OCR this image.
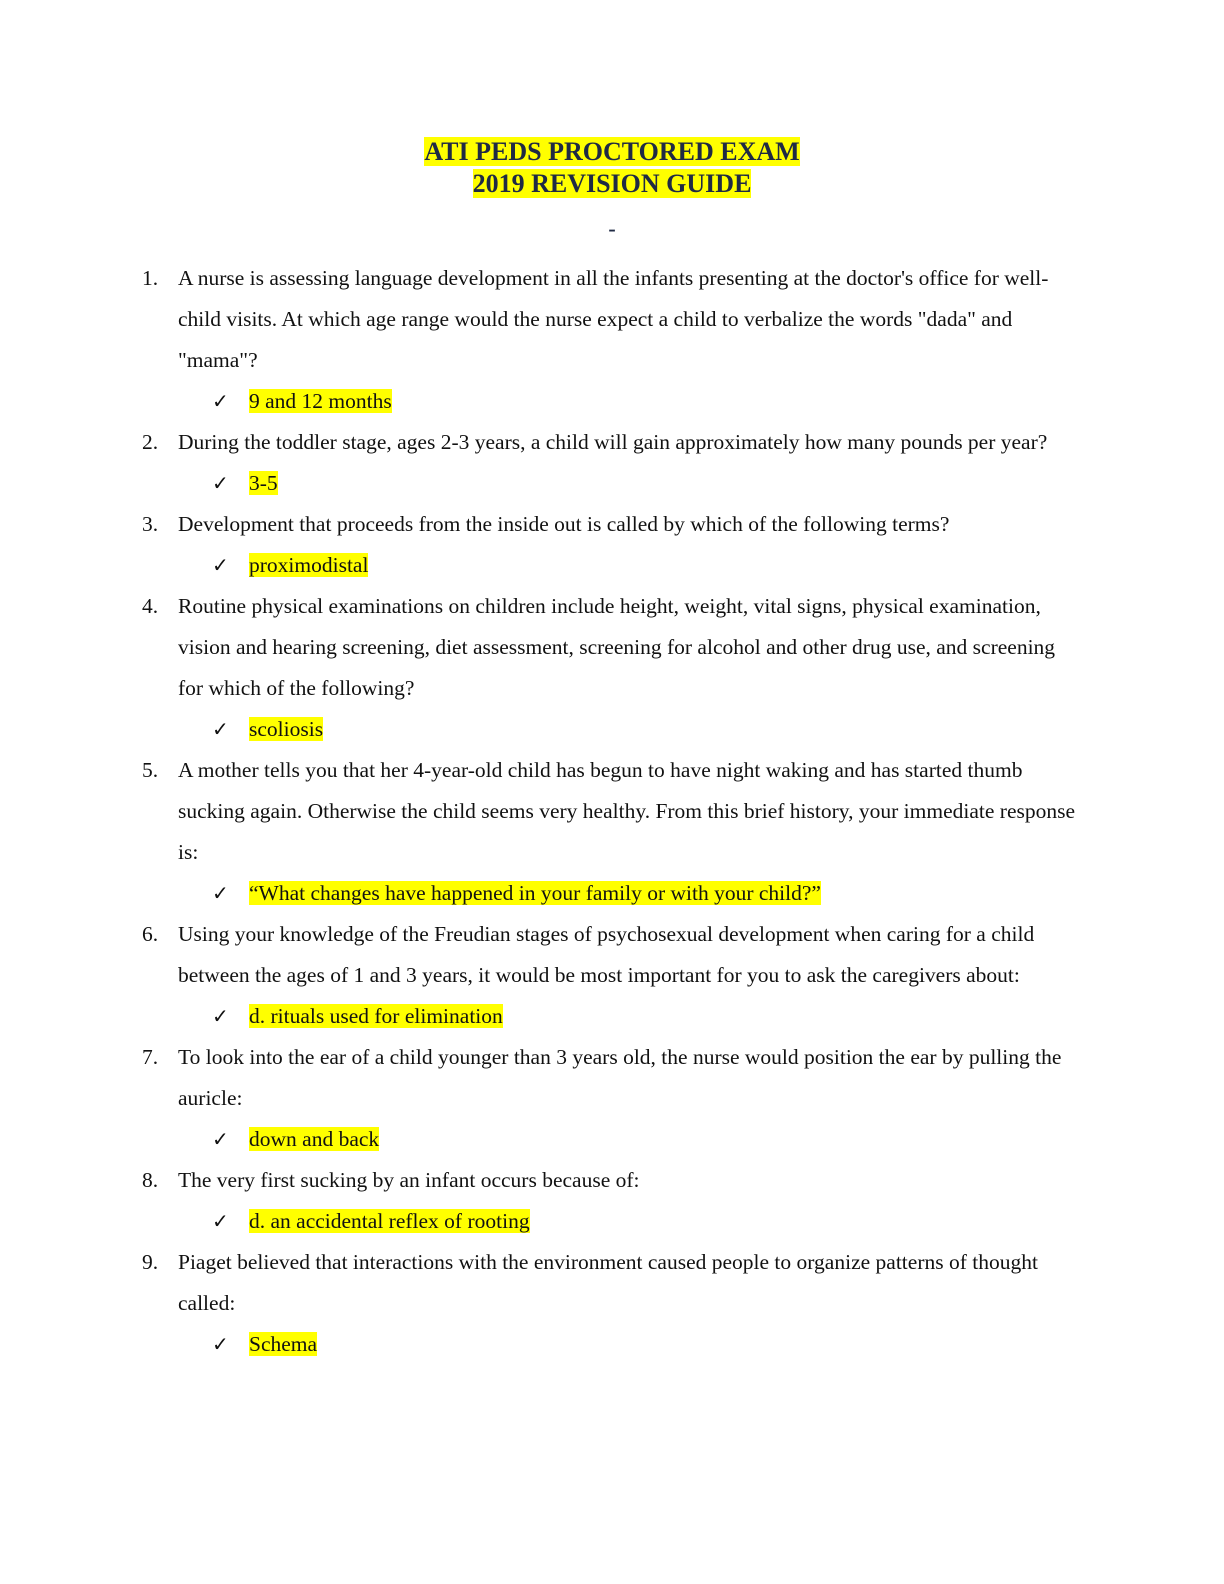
ATI PEDS PROCTORED EXAM
2019 REVISION GUIDE
-
1. A nurse is assessing language development in all the infants presenting at the doctor's office for well-child visits. At which age range would the nurse expect a child to verbalize the words "dada" and "mama"?
✓ 9 and 12 months
2. During the toddler stage, ages 2-3 years, a child will gain approximately how many pounds per year?
✓ 3-5
3. Development that proceeds from the inside out is called by which of the following terms?
✓ proximodistal
4. Routine physical examinations on children include height, weight, vital signs, physical examination, vision and hearing screening, diet assessment, screening for alcohol and other drug use, and screening for which of the following?
✓ scoliosis
5. A mother tells you that her 4-year-old child has begun to have night waking and has started thumb sucking again. Otherwise the child seems very healthy. From this brief history, your immediate response is:
✓ “What changes have happened in your family or with your child?”
6. Using your knowledge of the Freudian stages of psychosexual development when caring for a child between the ages of 1 and 3 years, it would be most important for you to ask the caregivers about:
✓ d. rituals used for elimination
7. To look into the ear of a child younger than 3 years old, the nurse would position the ear by pulling the auricle:
✓ down and back
8. The very first sucking by an infant occurs because of:
✓ d. an accidental reflex of rooting
9. Piaget believed that interactions with the environment caused people to organize patterns of thought called:
✓ Schema
